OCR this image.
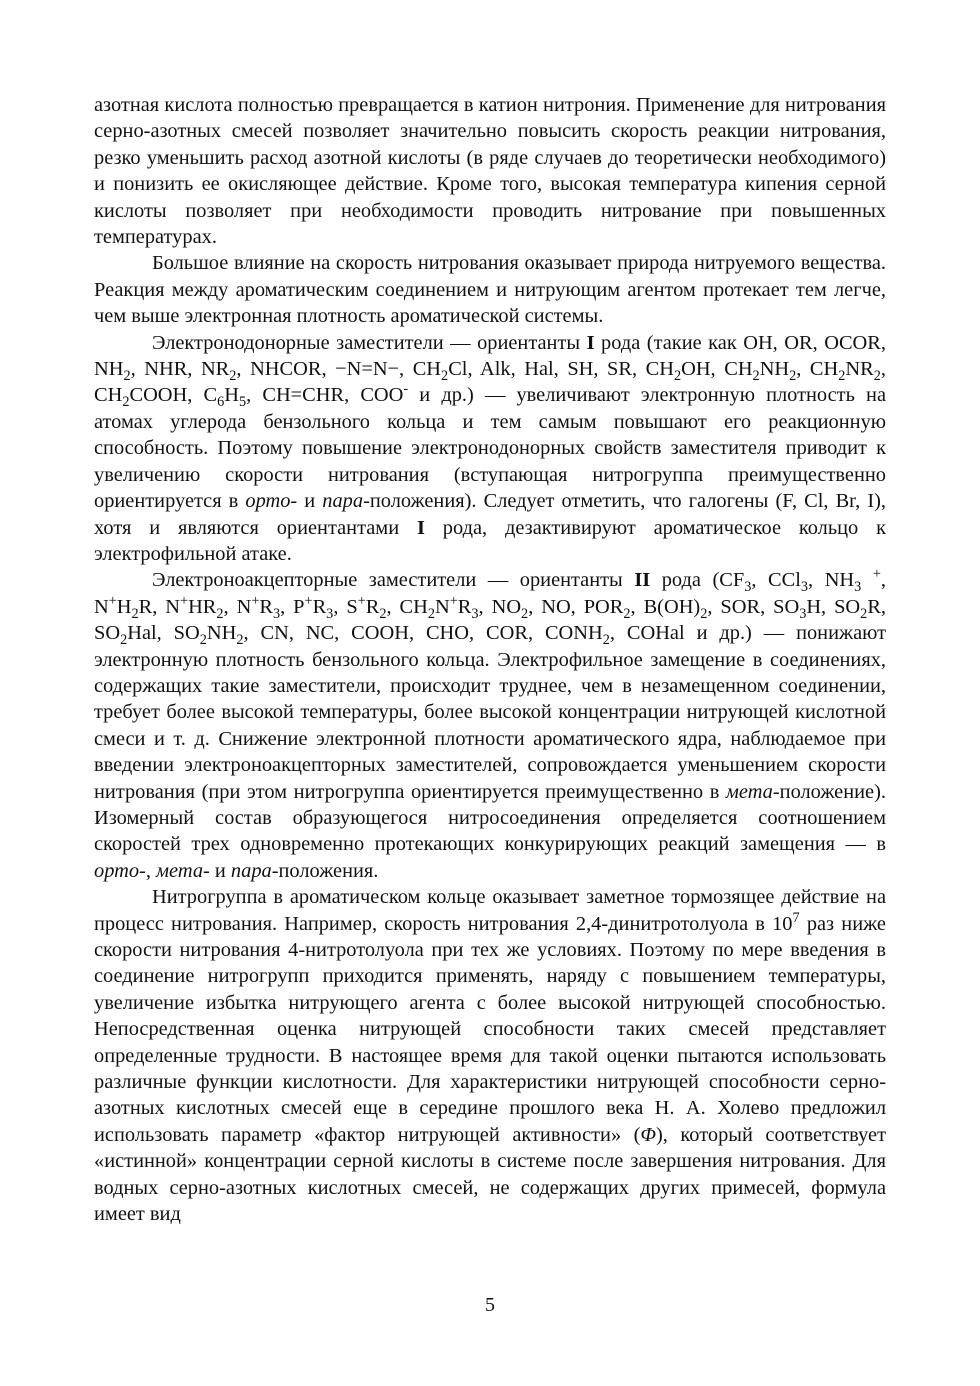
азотная кислота полностью превращается в катион нитрония. Применение для нитрования серно-азотных смесей позволяет значительно повысить скорость реакции нитрования, резко уменьшить расход азотной кислоты (в ряде случаев до теоретически необходимого) и понизить ее окисляющее действие. Кроме того, высокая температура кипения серной кислоты позволяет при необходимости проводить нитрование при повышенных температурах.

Большое влияние на скорость нитрования оказывает природа нитруемого вещества. Реакция между ароматическим соединением и нитрующим агентом протекает тем легче, чем выше электронная плотность ароматической системы.

Электронодонорные заместители — ориентанты I рода (такие как OH, OR, OCOR, $NH_2$, NHR, $NR_2$, NHCOR, −N=N−, $CH_2Cl$, Alk, Hal, SH, SR, $CH_2OH$, $CH_2NH_2$, $CH_2NR_2$, $CH_2COOH$, $C_6H_5$, CH=CHR, COO- и др.) — увеличивают электронную плотность на атомах углерода бензольного кольца и тем самым повышают его реакционную способность. Поэтому повышение электронодонорных свойств заместителя приводит к увеличению скорости нитрования (вступающая нитрогруппа преимущественно ориентируется в орто- и пара-положения). Следует отметить, что галогены (F, Cl, Br, I), хотя и являются ориентантами I рода, дезактивируют ароматическое кольцо к электрофильной атаке.

Электроноакцепторные заместители — ориентанты II рода ($CF_3$, CCl$_3$, $NH_3$ +, $N^+H_2R$, $N^+HR_2$, $N^+R_3$, $P^+R_3$, $S^+R_2$, $CH_2N^+R_3$, $NO_2$, NO, $POR_2$, $B(OH)_2$, SOR, $SO_3H$, $SO_2R$, $SO_2Hal$, $SO_2NH_2$, CN, NC, COOH, CHO, COR, $CONH_2$, COHal и др.) — понижают электронную плотность бензольного кольца. Электрофильное замещение в соединениях, содержащих такие заместители, происходит труднее, чем в незамещенном соединении, требует более высокой температуры, более высокой концентрации нитрующей кислотной смеси и т. д. Снижение электронной плотности ароматического ядра, наблюдаемое при введении электроноакцепторных заместителей, сопровождается уменьшением скорости нитрования (при этом нитрогруппа ориентируется преимущественно в мета-положение). Изомерный состав образующегося нитросоединения определяется соотношением скоростей трех одновременно протекающих конкурирующих реакций замещения — в орто-, мета- и пара-положения.

Нитрогруппа в ароматическом кольце оказывает заметное тормозящее действие на процесс нитрования. Например, скорость нитрования 2,4-динитротолуола в $10^7$ раз ниже скорости нитрования 4-нитротолуола при тех же условиях. Поэтому по мере введения в соединение нитрогрупп приходится применять, наряду с повышением температуры, увеличение избытка нитрующего агента с более высокой нитрующей способностью. Непосредственная оценка нитрующей способности таких смесей представляет определенные трудности. В настоящее время для такой оценки пытаются использовать различные функции кислотности. Для характеристики нитрующей способности серно-азотных кислотных смесей еще в середине прошлого века Н. А. Холево предложил использовать параметр «фактор нитрующей активности» (Φ), который соответствует «истинной» концентрации серной кислоты в системе после завершения нитрования. Для водных серно-азотных кислотных смесей, не содержащих других примесей, формула имеет вид

5
